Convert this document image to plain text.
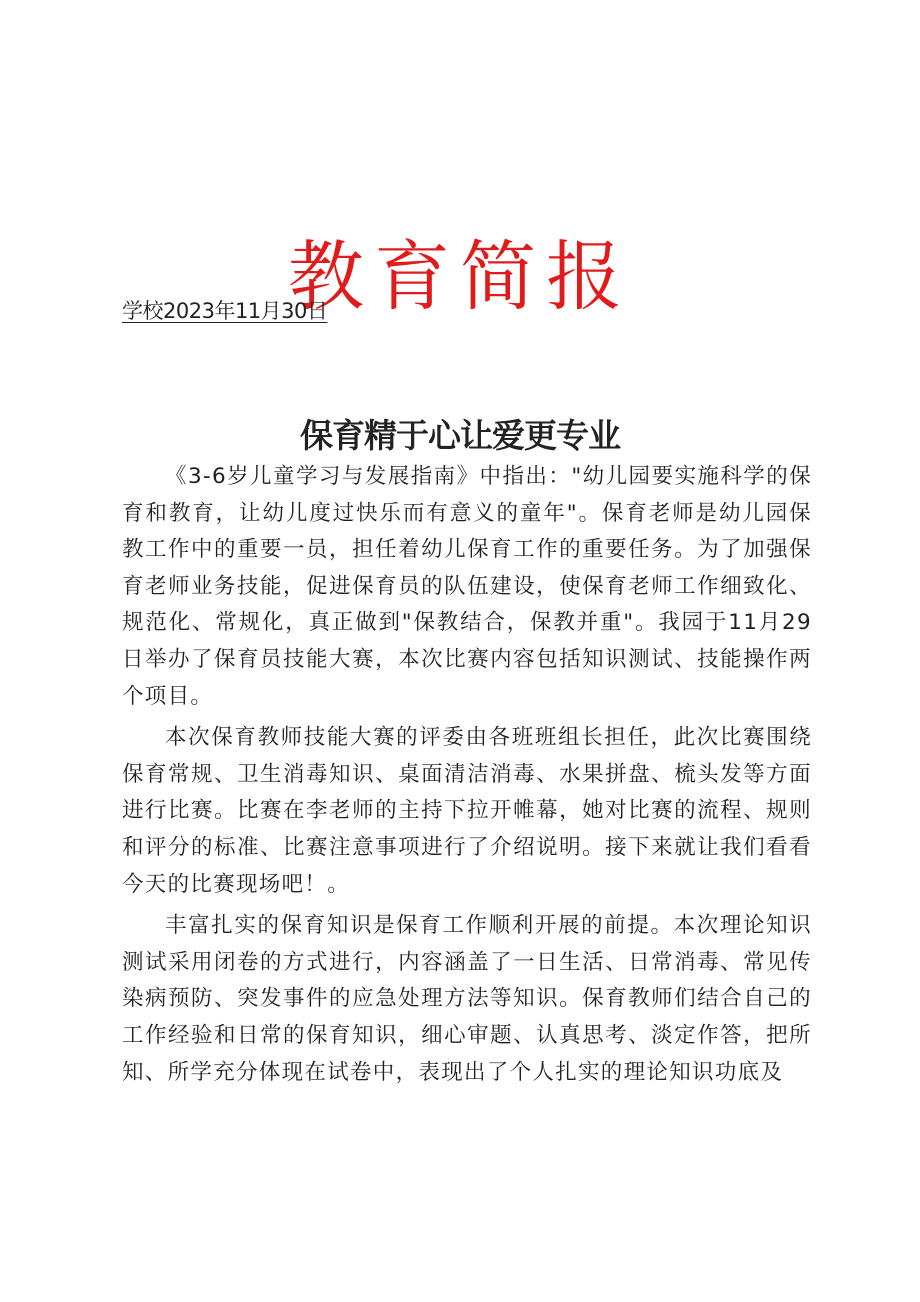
教育简报
学校2023年11月30日
保育精于心让爱更专业

《3-6岁儿童学习与发展指南》中指出："幼儿园要实施科学的保育和教育，让幼儿度过快乐而有意义的童年"。保育老师是幼儿园保教工作中的重要一员，担任着幼儿保育工作的重要任务。为了加强保育老师业务技能，促进保育员的队伍建设，使保育老师工作细致化、规范化、常规化，真正做到"保教结合，保教并重"。我园于11月29日举办了保育员技能大赛，本次比赛内容包括知识测试、技能操作两个项目。

本次保育教师技能大赛的评委由各班班组长担任，此次比赛围绕保育常规、卫生消毒知识、桌面清洁消毒、水果拼盘、梳头发等方面进行比赛。比赛在李老师的主持下拉开帷幕，她对比赛的流程、规则和评分的标准、比赛注意事项进行了介绍说明。接下来就让我们看看今天的比赛现场吧！。

丰富扎实的保育知识是保育工作顺利开展的前提。本次理论知识测试采用闭卷的方式进行，内容涵盖了一日生活、日常消毒、常见传染病预防、突发事件的应急处理方法等知识。保育教师们结合自己的工作经验和日常的保育知识，细心审题、认真思考、淡定作答，把所知、所学充分体现在试卷中，表现出了个人扎实的理论知识功底及
